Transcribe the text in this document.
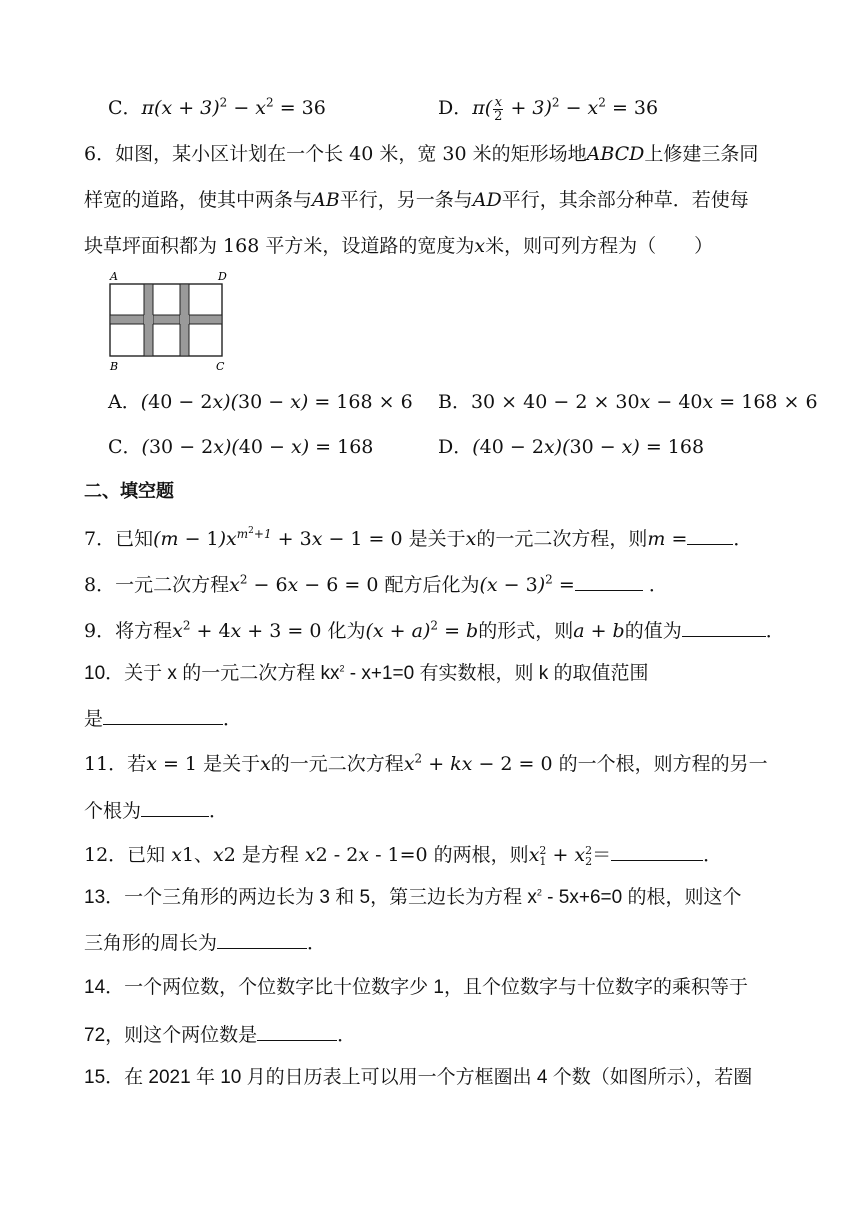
C．$\pi(x + 3)^2 - x^2 = 36$	D．$\pi( \frac{x}{2} + 3)^2 - x^2 = 36$
6．如图，某小区计划在一个长 40 米，宽 30 米的矩形场地ABCD上修建三条同
样宽的道路，使其中两条与AB平行，另一条与AD平行，其余部分种草．若使每
块草坪面积都为 168 平方米，设道路的宽度为x米，则可列方程为（　　）
A	D
B	C
A．(40 − 2x)(30 − x) = 168 × 6 B．30 × 40 − 2 × 30x − 40x = 168 × 6
C．(30 − 2x)(40 − x) = 168	D．(40 − 2x)(30 − x) = 168
二、填空题
7．已知$(m - 1)x^{m^2+1} + 3x - 1 = 0$ 是关于x的一元二次方程，则m = ．
8．一元二次方程$x^2 - 6x - 6 = 0$ 配方后化为$(x - 3)^2$ =	．
9．将方程$x^2 + 4x + 3 = 0$ 化为$(x + a)^2 = b$的形式，则a + b的值为	．
10．关于 x 的一元二次方程 $kx^2 - x+1=0$ 有实数根，则 k 的取值范围
是	．
11．若x = 1 是关于x的一元二次方程$x^2$ + kx − 2 = 0 的一个根，则方程的另一
个根为	．
12．已知 x1、x2 是方程 x2 - 2x - 1=0 的两根，则x 2
1 + x 2
2 ＝	．
13．一个三角形的两边长为 3 和 5，第三边长为方程 $x^2 - 5x+6=0$ 的根，则这个
三角形的周长为	．
14．一个两位数，个位数字比十位数字少 1，且个位数字与十位数字的乘积等于
72，则这个两位数是	．
15．在 2021 年 10 月的日历表上可以用一个方框圈出 4 个数（如图所示），若圈
